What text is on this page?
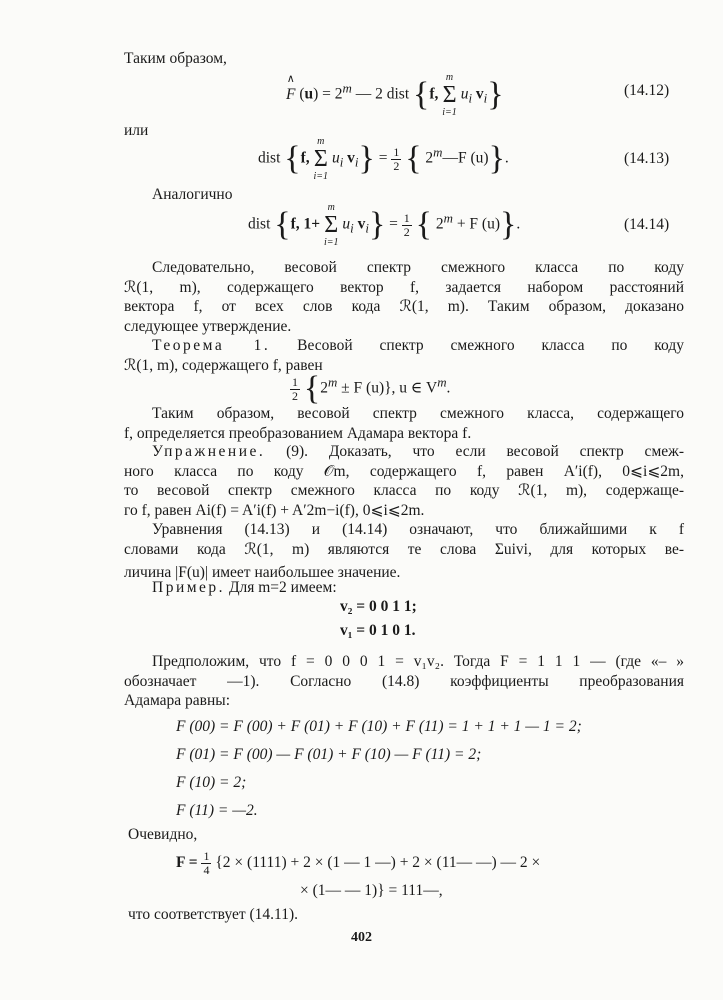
Таким образом,
∧ F $(u) = 2^m$ — 2 dist {f,
m
Σ
i=1
$u_i$ $v_i$}	(14.12)
или
dist {f,
m
Σ
i=1
$u_i$ $v_i\} = \frac{1}{2}$ { 2$^m$—F (u)}.	(14.13)
Аналогично
dist {f, 1+
m
Σ
i=1
$u_i$ $v_i\} = \frac{1}{2}$ { $2^m + F$ (u)}.	(14.14)
Следовательно, весовой спектр смежного класса по коду
ℛ(1, m), содержащего вектор f, задается набором расстояний
вектора f, от всех слов кода ℛ(1, m). Таким образом, доказано
следующее утверждение.
Теорема 1. Весовой спектр смежного класса по коду
ℛ(1, m), содержащего f, равен
$\frac{1}{2} \{2^m \pm F$ (u)}, u ∈ $V^m$.
Таким образом, весовой спектр смежного класса, содержащего
f, определяется преобразованием Адамара вектора f.
Упражнение. (9). Доказать, что если весовой спектр смеж-
ного класса по коду 𝒪m, содержащего f, равен A′i(f), 0⩽i⩽2m,
то весовой спектр смежного класса по коду ℛ(1, m), содержаще-
го f, равен Ai(f) = A′i(f) + A′2m−i(f), 0⩽i⩽2m.
Уравнения (14.13) и (14.14) означают, что ближайшими к f
словами кода ℛ(1, m) являются те слова Σuivi, для которых ве-
личина |F(u)| имеет наибольшее значение.
Пример. Для m=2 имеем:
v₂ = 0 0 1 1;
v₁ = 0 1 0 1.
Предположим, что f = 0 0 0 1 = v₁v₂. Тогда F = 1 1 1 — (где «– »
обозначает —1). Согласно (14.8) коэффициенты преобразования
Адамара равны:
F (00) = F (00) + F (01) + F (10) + F (11) = 1 + 1 + 1 — 1 = 2;
F (01) = F (00) — F (01) + F (10) — F (11) = 2;
F (10) = 2;
F (11) = —2.
Очевидно,
$F = \frac{1}{4} \{2 \times (1111) + 2 \times (1$ — 1 —) + 2 × (11— —) — 2 ×
× (1— — 1)} = 111—,
что соответствует (14.11).
402
